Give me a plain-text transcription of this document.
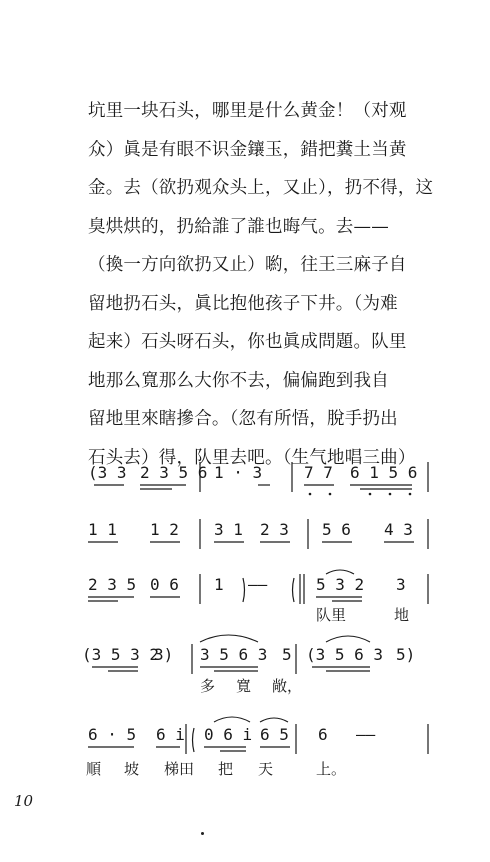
坑里一块石头，哪里是什么黄金！（对观

众）眞是有眼不识金鑲玉，錯把糞土当黄

金。去（欲扔观众头上，又止），扔不得，这

臭烘烘的，扔給誰了誰也晦气。去——

（換一方向欲扔又止）喲，往王三麻子自

留地扔石头，眞比抱他孩子下井。（为难

起来）石头呀石头，你也眞成問題。队里

地那么寬那么大你不去，偏偏跑到我自

留地里來瞎摻合。（忽有所悟，脫手扔出

石头去）得，队里去吧。（生气地唱三曲）

(3 3 2 3 5 6 1 · 3	7 7 6 1 5 6
1 1 1 2 3 1 2 3 5 6 4 3
2 3 5 0 6 1 ——	5 3 2 3
队里	地
(3 5 3 2
3) 3 5 6 3 5 (3 5 6 3 5)
多 寬 敞，
6 · 5 6 i 0 6 i 6 5 6 ——
順 坡 梯田 把 天	上。
10
